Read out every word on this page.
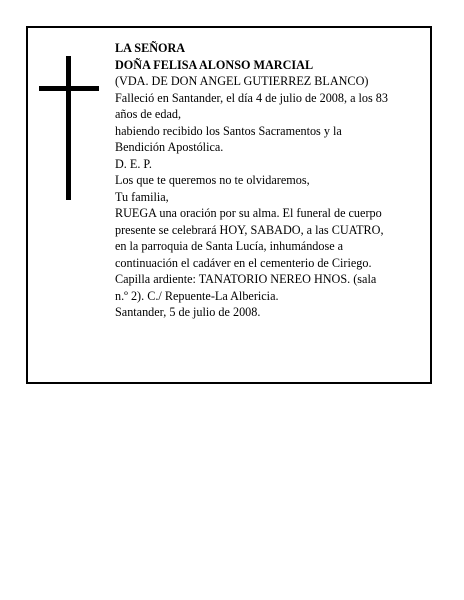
LA SEÑORA
DOÑA FELISA ALONSO MARCIAL
(VDA. DE DON ANGEL GUTIERREZ BLANCO)
Falleció en Santander, el día 4 de julio de 2008, a los 83
años de edad,
habiendo recibido los Santos Sacramentos y la
Bendición Apostólica.
D. E. P.
Los que te queremos no te olvidaremos,
Tu familia,
RUEGA una oración por su alma. El funeral de cuerpo
presente se celebrará HOY, SABADO, a las CUATRO,
en la parroquia de Santa Lucía, inhumándose a
continuación el cadáver en el cementerio de Ciriego.
Capilla ardiente: TANATORIO NEREO HNOS. (sala
n.º 2). C./ Repuente-La Albericia.
Santander, 5 de julio de 2008.
